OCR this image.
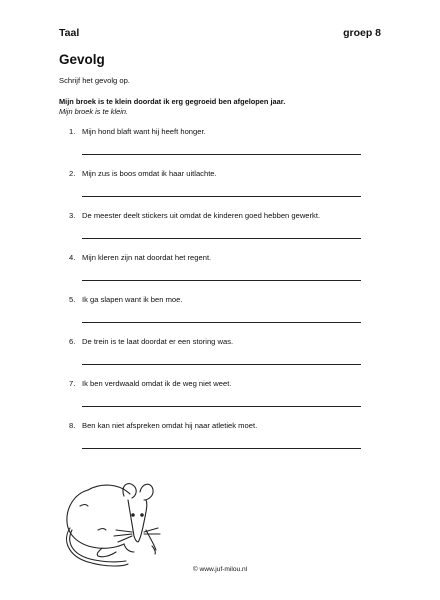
Taal	groep 8
Gevolg
Schrijf het gevolg op.
Mijn broek is te klein doordat ik erg gegroeid ben afgelopen jaar.
Mijn broek is te klein.
1. Mijn hond blaft want hij heeft honger.
2. Mijn zus is boos omdat ik haar uitlachte.
3. De meester deelt stickers uit omdat de kinderen goed hebben gewerkt.
4. Mijn kleren zijn nat doordat het regent.
5. Ik ga slapen want ik ben moe.
6. De trein is te laat doordat er een storing was.
7. Ik ben verdwaald omdat ik de weg niet weet.
8. Ben kan niet afspreken omdat hij naar atletiek moet.
© www.juf-milou.nl
